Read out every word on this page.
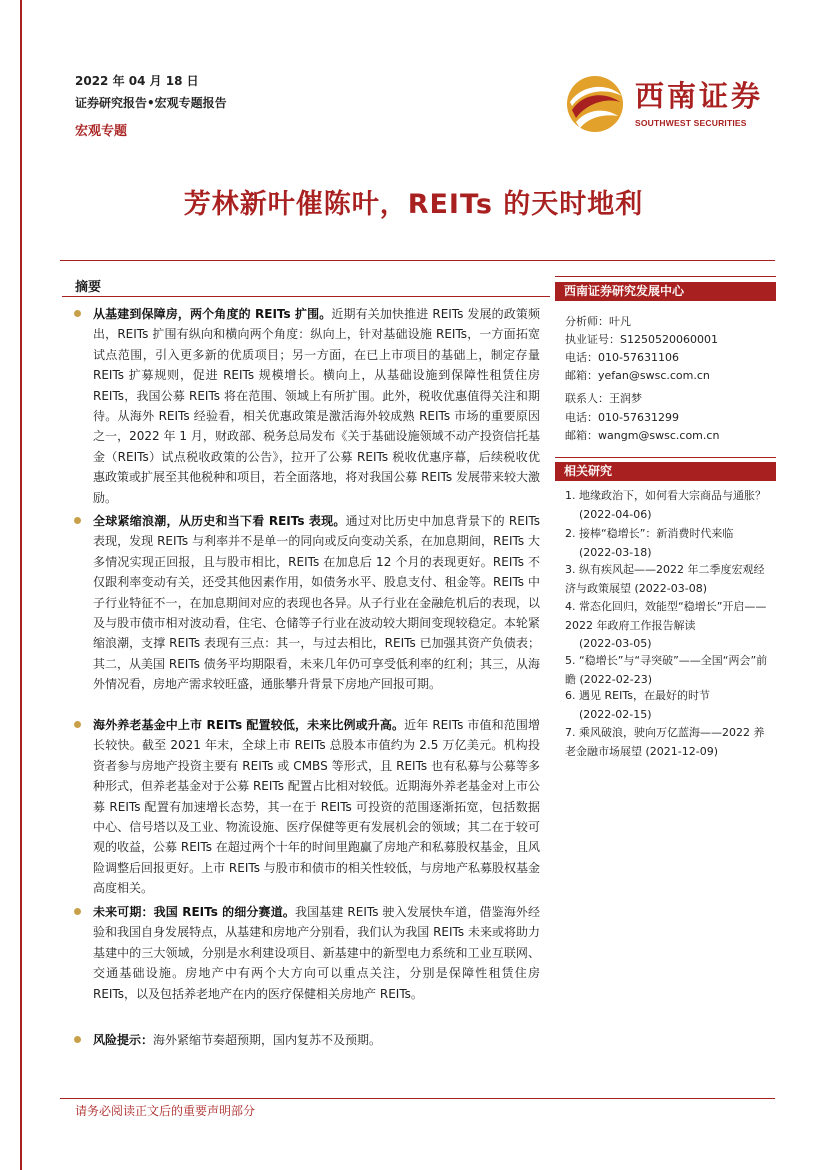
2022 年 04 月 18 日
证券研究报告•宏观专题报告
宏观专题
西南证券
SOUTHWEST SECURITIES
芳林新叶催陈叶，REITs 的天时地利
摘要
从基建到保障房，两个角度的 REITs 扩围。近期有关加快推进 REITs 发展的政策频出，REITs 扩围有纵向和横向两个角度：纵向上，针对基础设施 REITs，一方面拓宽试点范围，引入更多新的优质项目；另一方面，在已上市项目的基础上，制定存量 REITs 扩募规则，促进 REITs 规模增长。横向上，从基础设施到保障性租赁住房 REITs，我国公募 REITs 将在范围、领域上有所扩围。此外，税收优惠值得关注和期待。从海外 REITs 经验看，相关优惠政策是激活海外较成熟 REITs 市场的重要原因之一，2022 年 1 月，财政部、税务总局发布《关于基础设施领域不动产投资信托基金（REITs）试点税收政策的公告》，拉开了公募 REITs 税收优惠序幕，后续税收优惠政策或扩展至其他税种和项目，若全面落地，将对我国公募 REITs 发展带来较大激励。
全球紧缩浪潮，从历史和当下看 REITs 表现。通过对比历史中加息背景下的 REITs 表现，发现 REITs 与利率并不是单一的同向或反向变动关系，在加息期间，REITs 大多情况实现正回报，且与股市相比，REITs 在加息后 12 个月的表现更好。REITs 不仅跟利率变动有关，还受其他因素作用，如债务水平、股息支付、租金等。REITs 中子行业特征不一，在加息期间对应的表现也各异。从子行业在金融危机后的表现，以及与股市债市相对波动看，住宅、仓储等子行业在波动较大期间变现较稳定。本轮紧缩浪潮，支撑 REITs 表现有三点：其一，与过去相比，REITs 已加强其资产负债表；其二，从美国 REITs 债务平均期限看，未来几年仍可享受低利率的红利；其三，从海外情况看，房地产需求较旺盛，通胀攀升背景下房地产回报可期。
海外养老基金中上市 REITs 配置较低，未来比例或升高。近年 REITs 市值和范围增长较快。截至 2021 年末，全球上市 REITs 总股本市值约为 2.5 万亿美元。机构投资者参与房地产投资主要有 REITs 或 CMBS 等形式，且 REITs 也有私募与公募等多种形式，但养老基金对于公募 REITs 配置占比相对较低。近期海外养老基金对上市公募 REITs 配置有加速增长态势，其一在于 REITs 可投资的范围逐渐拓宽，包括数据中心、信号塔以及工业、物流设施、医疗保健等更有发展机会的领域；其二在于较可观的收益，公募 REITs 在超过两个十年的时间里跑赢了房地产和私募股权基金，且风险调整后回报更好。上市 REITs 与股市和债市的相关性较低，与房地产私募股权基金高度相关。
未来可期：我国 REITs 的细分赛道。我国基建 REITs 驶入发展快车道，借鉴海外经验和我国自身发展特点，从基建和房地产分别看，我们认为我国 REITs 未来或将助力基建中的三大领域，分别是水利建设项目、新基建中的新型电力系统和工业互联网、交通基础设施。房地产中有两个大方向可以重点关注，分别是保障性租赁住房 REITs，以及包括养老地产在内的医疗保健相关房地产 REITs。
风险提示：海外紧缩节奏超预期，国内复苏不及预期。
西南证券研究发展中心
分析师：叶凡
执业证号：S1250520060001
电话：010-57631106
邮箱：yefan@swsc.com.cn
联系人：王润梦
电话：010-57631299
邮箱：wangm@swsc.com.cn
相关研究
1. 地缘政治下，如何看大宗商品与通胀？
(2022-04-06)
2. 接棒“稳增长”：新消费时代来临
(2022-03-18)
3. 纵有疾风起——2022 年二季度宏观经济与政策展望 (2022-03-08)
4. 常态化回归，效能型“稳增长”开启——2022 年政府工作报告解读
(2022-03-05)
5. “稳增长”与“寻突破”——全国“两会”前瞻 (2022-02-23)
6. 遇见 REITs，在最好的时节
(2022-02-15)
7. 乘风破浪，驶向万亿蓝海——2022 养老金融市场展望 (2021-12-09)
请务必阅读正文后的重要声明部分
